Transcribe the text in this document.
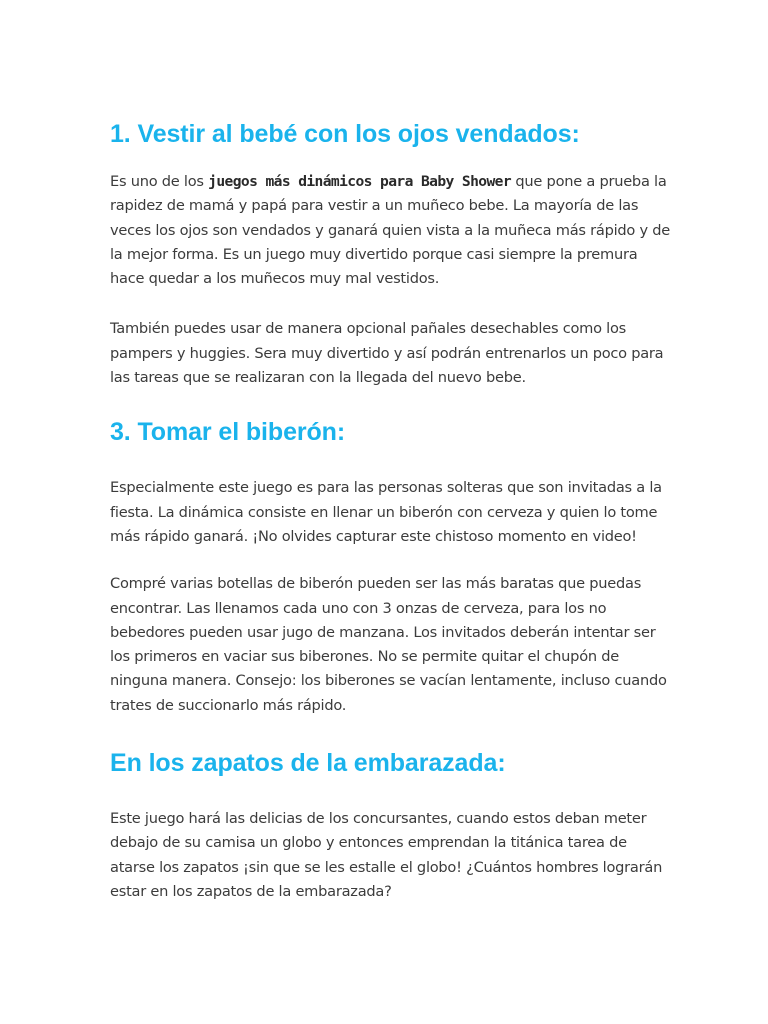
1. Vestir al bebé con los ojos vendados:

Es uno de los juegos más dinámicos para Baby Shower que pone a prueba la rapidez de mamá y papá para vestir a un muñeco bebe. La mayoría de las veces los ojos son vendados y ganará quien vista a la muñeca más rápido y de la mejor forma. Es un juego muy divertido porque casi siempre la premura hace quedar a los muñecos muy mal vestidos.

También puedes usar de manera opcional pañales desechables como los pampers y huggies. Sera muy divertido y así podrán entrenarlos un poco para las tareas que se realizaran con la llegada del nuevo bebe.

3. Tomar el biberón:

Especialmente este juego es para las personas solteras que son invitadas a la fiesta. La dinámica consiste en llenar un biberón con cerveza y quien lo tome más rápido ganará. ¡No olvides capturar este chistoso momento en video!

Compré varias botellas de biberón pueden ser las más baratas que puedas encontrar. Las llenamos cada uno con 3 onzas de cerveza, para los no bebedores pueden usar jugo de manzana. Los invitados deberán intentar ser los primeros en vaciar sus biberones. No se permite quitar el chupón de ninguna manera. Consejo: los biberones se vacían lentamente, incluso cuando trates de succionarlo más rápido.

En los zapatos de la embarazada:

Este juego hará las delicias de los concursantes, cuando estos deban meter debajo de su camisa un globo y entonces emprendan la titánica tarea de atarse los zapatos ¡sin que se les estalle el globo! ¿Cuántos hombres lograrán estar en los zapatos de la embarazada?
